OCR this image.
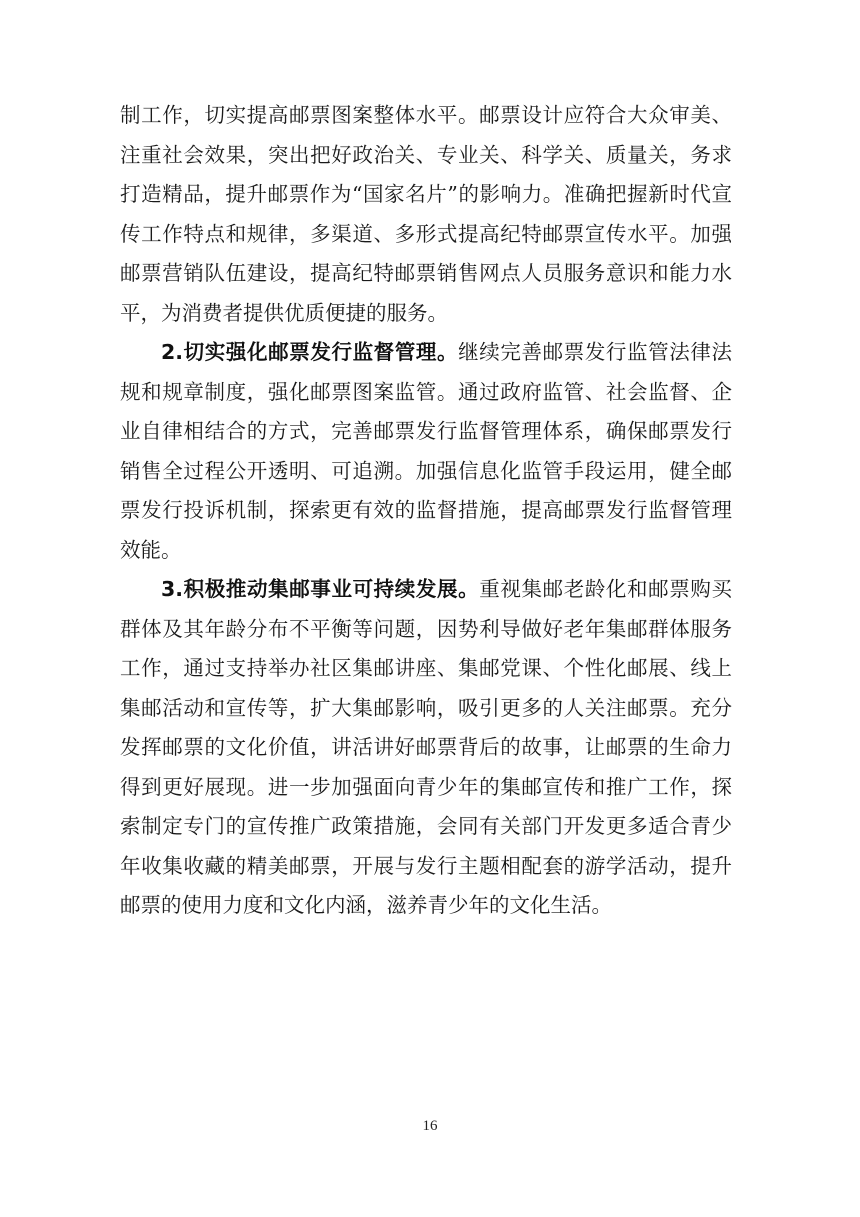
制工作，切实提高邮票图案整体水平。邮票设计应符合大众审美、注重社会效果，突出把好政治关、专业关、科学关、质量关，务求打造精品，提升邮票作为“国家名片”的影响力。准确把握新时代宣传工作特点和规律，多渠道、多形式提高纪特邮票宣传水平。加强邮票营销队伍建设，提高纪特邮票销售网点人员服务意识和能力水平，为消费者提供优质便捷的服务。

2.切实强化邮票发行监督管理。继续完善邮票发行监管法律法规和规章制度，强化邮票图案监管。通过政府监管、社会监督、企业自律相结合的方式，完善邮票发行监督管理体系，确保邮票发行销售全过程公开透明、可追溯。加强信息化监管手段运用，健全邮票发行投诉机制，探索更有效的监督措施，提高邮票发行监督管理效能。

3.积极推动集邮事业可持续发展。重视集邮老龄化和邮票购买群体及其年龄分布不平衡等问题，因势利导做好老年集邮群体服务工作，通过支持举办社区集邮讲座、集邮党课、个性化邮展、线上集邮活动和宣传等，扩大集邮影响，吸引更多的人关注邮票。充分发挥邮票的文化价值，讲活讲好邮票背后的故事，让邮票的生命力得到更好展现。进一步加强面向青少年的集邮宣传和推广工作，探索制定专门的宣传推广政策措施，会同有关部门开发更多适合青少年收集收藏的精美邮票，开展与发行主题相配套的游学活动，提升邮票的使用力度和文化内涵，滋养青少年的文化生活。

16
